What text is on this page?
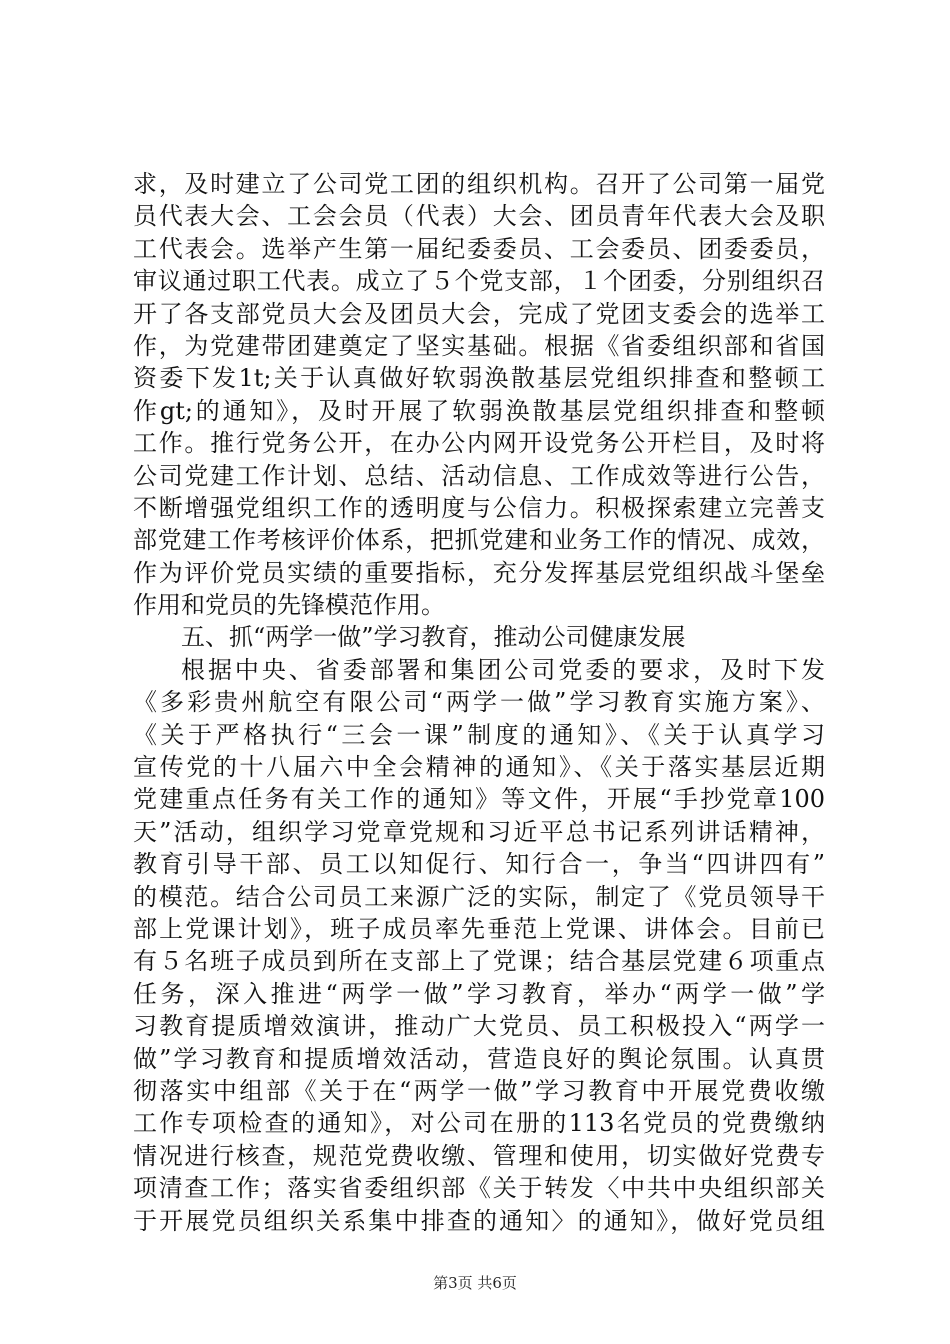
求，及时建立了公司党工团的组织机构。召开了公司第一届党
员代表大会、工会会员（代表）大会、团员青年代表大会及职
工代表会。选举产生第一届纪委委员、工会委员、团委委员，
审议通过职工代表。成立了５个党支部，１个团委，分别组织召
开了各支部党员大会及团员大会，完成了党团支委会的选举工
作，为党建带团建奠定了坚实基础。根据《省委组织部和省国
资委下发1t;关于认真做好软弱涣散基层党组织排查和整顿工
作gt;的通知》，及时开展了软弱涣散基层党组织排查和整顿
工作。推行党务公开，在办公内网开设党务公开栏目，及时将
公司党建工作计划、总结、活动信息、工作成效等进行公告，
不断增强党组织工作的透明度与公信力。积极探索建立完善支
部党建工作考核评价体系，把抓党建和业务工作的情况、成效，
作为评价党员实绩的重要指标，充分发挥基层党组织战斗堡垒
作用和党员的先锋模范作用。
五、抓“两学一做”学习教育，推动公司健康发展
根据中央、省委部署和集团公司党委的要求，及时下发
《多彩贵州航空有限公司“两学一做”学习教育实施方案》、
《关于严格执行“三会一课”制度的通知》、《关于认真学习
宣传党的十八届六中全会精神的通知》、《关于落实基层近期
党建重点任务有关工作的通知》等文件，开展“手抄党章100
天”活动，组织学习党章党规和习近平总书记系列讲话精神，
教育引导干部、员工以知促行、知行合一，争当“四讲四有”
的模范。结合公司员工来源广泛的实际，制定了《党员领导干
部上党课计划》，班子成员率先垂范上党课、讲体会。目前已
有５名班子成员到所在支部上了党课；结合基层党建６项重点
任务，深入推进“两学一做”学习教育，举办“两学一做”学
习教育提质增效演讲，推动广大党员、员工积极投入“两学一
做”学习教育和提质增效活动，营造良好的舆论氛围。认真贯
彻落实中组部《关于在“两学一做”学习教育中开展党费收缴
工作专项检查的通知》，对公司在册的113名党员的党费缴纳
情况进行核查，规范党费收缴、管理和使用，切实做好党费专
项清查工作；落实省委组织部《关于转发〈中共中央组织部关
于开展党员组织关系集中排查的通知〉的通知》，做好党员组
第3页 共6页
